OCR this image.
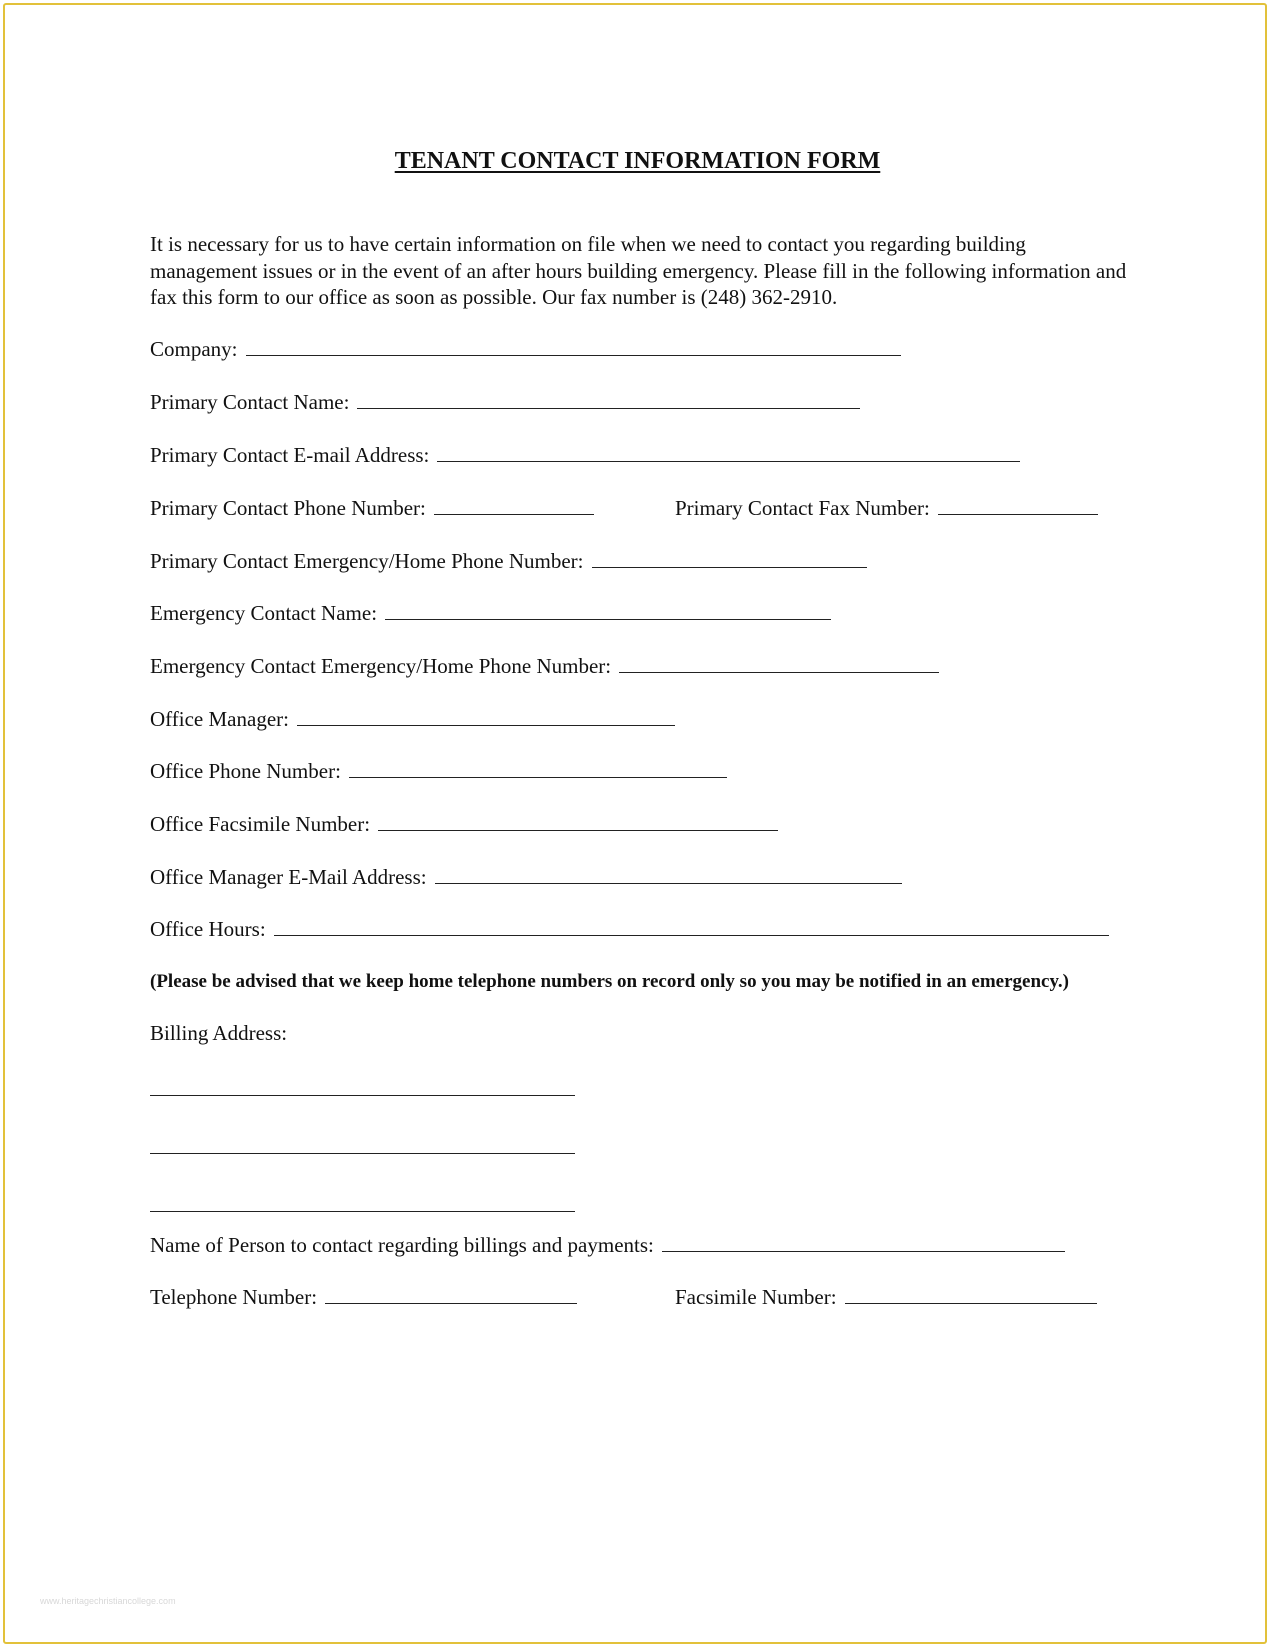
TENANT CONTACT INFORMATION FORM

It is necessary for us to have certain information on file when we need to contact you regarding building management issues or in the event of an after hours building emergency. Please fill in the following information and fax this form to our office as soon as possible. Our fax number is (248) 362-2910.

Company:
Primary Contact Name:
Primary Contact E-mail Address:
Primary Contact Phone Number:	Primary Contact Fax Number:
Primary Contact Emergency/Home Phone Number:
Emergency Contact Name:
Emergency Contact Emergency/Home Phone Number:
Office Manager:
Office Phone Number:
Office Facsimile Number:
Office Manager E-Mail Address:
Office Hours:

(Please be advised that we keep home telephone numbers on record only so you may be notified in an emergency.)

Billing Address:
Name of Person to contact regarding billings and payments:
Telephone Number:	Facsimile Number:
www.heritagechristiancollege.com
